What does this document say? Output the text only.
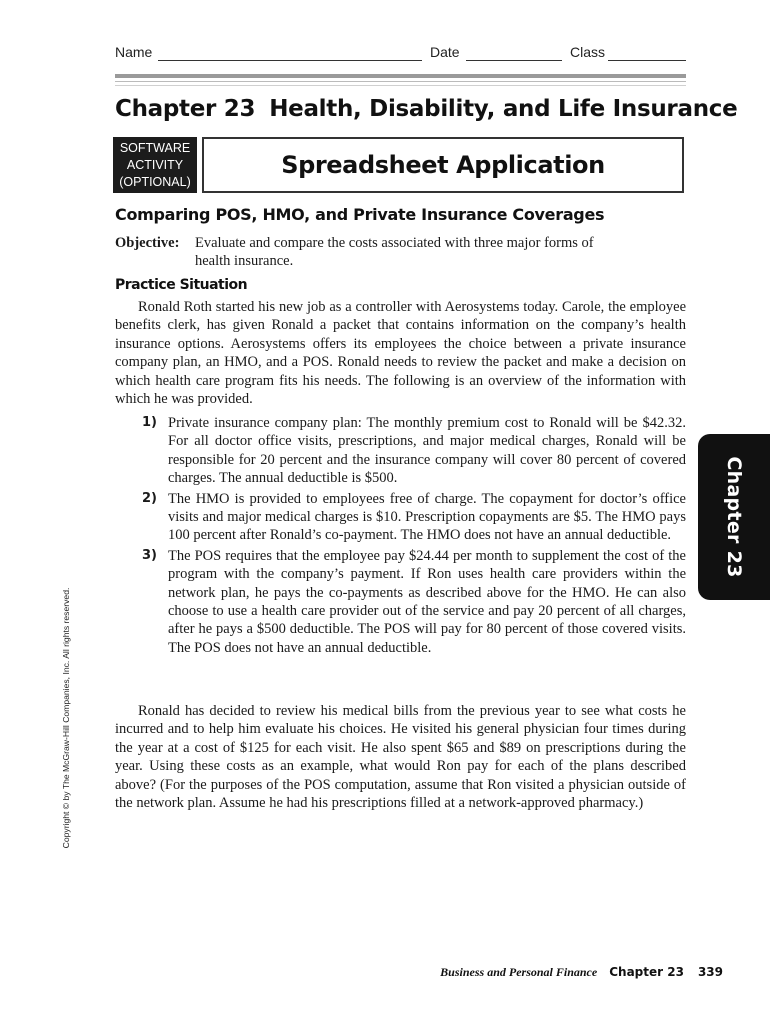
Name	Date	Class
Chapter 23 Health, Disability, and Life Insurance
SOFTWARE
ACTIVITY
(OPTIONAL)
Spreadsheet Application
Comparing POS, HMO, and Private Insurance Coverages
Objective: Evaluate and compare the costs associated with three major forms of health insurance.
Practice Situation
Ronald Roth started his new job as a controller with Aerosystems today. Carole, the employee benefits clerk, has given Ronald a packet that contains information on the company’s health insurance options. Aerosystems offers its employees the choice between a private insurance company plan, an HMO, and a POS. Ronald needs to review the packet and make a decision on which health care program fits his needs. The following is an overview of the information with which he was provided.
1) Private insurance company plan: The monthly premium cost to Ronald will be $42.32. For all doctor office visits, prescriptions, and major medical charges, Ronald will be responsible for 20 percent and the insurance company will cover 80 percent of covered charges. The annual deductible is $500.
2) The HMO is provided to employees free of charge. The copayment for doctor’s office visits and major medical charges is $10. Prescription copayments are $5. The HMO pays 100 percent after Ronald’s co-payment. The HMO does not have an annual deductible.
3) The POS requires that the employee pay $24.44 per month to supplement the cost of the program with the company’s payment. If Ron uses health care providers within the network plan, he pays the co-payments as described above for the HMO. He can also choose to use a health care provider out of the service and pay 20 percent of all charges, after he pays a $500 deductible. The POS will pay for 80 percent of those covered visits. The POS does not have an annual deductible.
Ronald has decided to review his medical bills from the previous year to see what costs he incurred and to help him evaluate his choices. He visited his general physician four times during the year at a cost of $125 for each visit. He also spent $65 and $89 on prescriptions during the year. Using these costs as an example, what would Ron pay for each of the plans described above? (For the purposes of the POS computation, assume that Ron visited a physician outside of the network plan. Assume he had his prescriptions filled at a network-approved pharmacy.)
Chapter 23
Copyright © by The McGraw-Hill Companies, Inc. All rights reserved.
Business and Personal Finance Chapter 23 339
